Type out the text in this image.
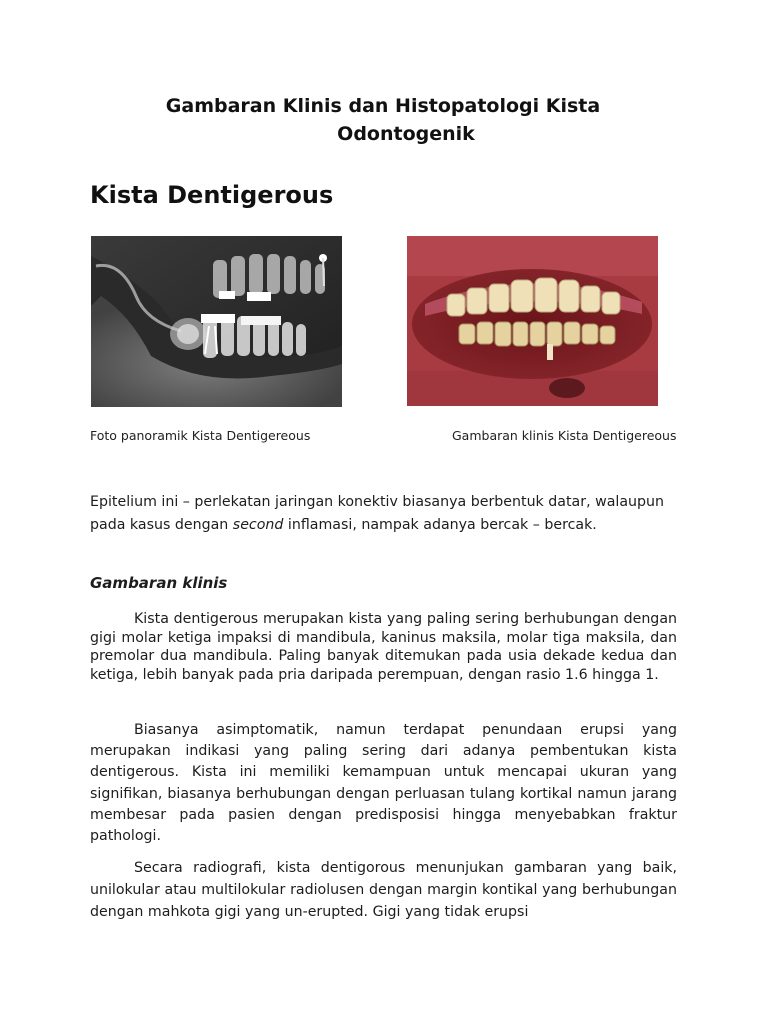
Gambaran Klinis dan Histopatologi Kista
Odontogenik
Kista Dentigerous
Foto panoramik Kista Dentigereous	Gambaran klinis Kista Dentigereous

Epitelium ini – perlekatan jaringan konektiv biasanya berbentuk datar, walaupun pada kasus dengan second inflamasi, nampak adanya bercak – bercak.

Gambaran klinis

Kista dentigerous merupakan kista yang paling sering berhubungan dengan gigi molar ketiga impaksi di mandibula, kaninus maksila, molar tiga maksila, dan premolar dua mandibula. Paling banyak ditemukan pada usia dekade kedua dan ketiga, lebih banyak pada pria daripada perempuan, dengan rasio 1.6 hingga 1.

Biasanya asimptomatik, namun terdapat penundaan erupsi yang merupakan indikasi yang paling sering dari adanya pembentukan kista dentigerous. Kista ini memiliki kemampuan untuk mencapai ukuran yang signifikan, biasanya berhubungan dengan perluasan tulang kortikal namun jarang membesar pada pasien dengan predisposisi hingga menyebabkan fraktur pathologi.

Secara radiografi, kista dentigorous menunjukan gambaran yang baik, unilokular atau multilokular radiolusen dengan margin kontikal yang berhubungan dengan mahkota gigi yang un-erupted. Gigi yang tidak erupsi
